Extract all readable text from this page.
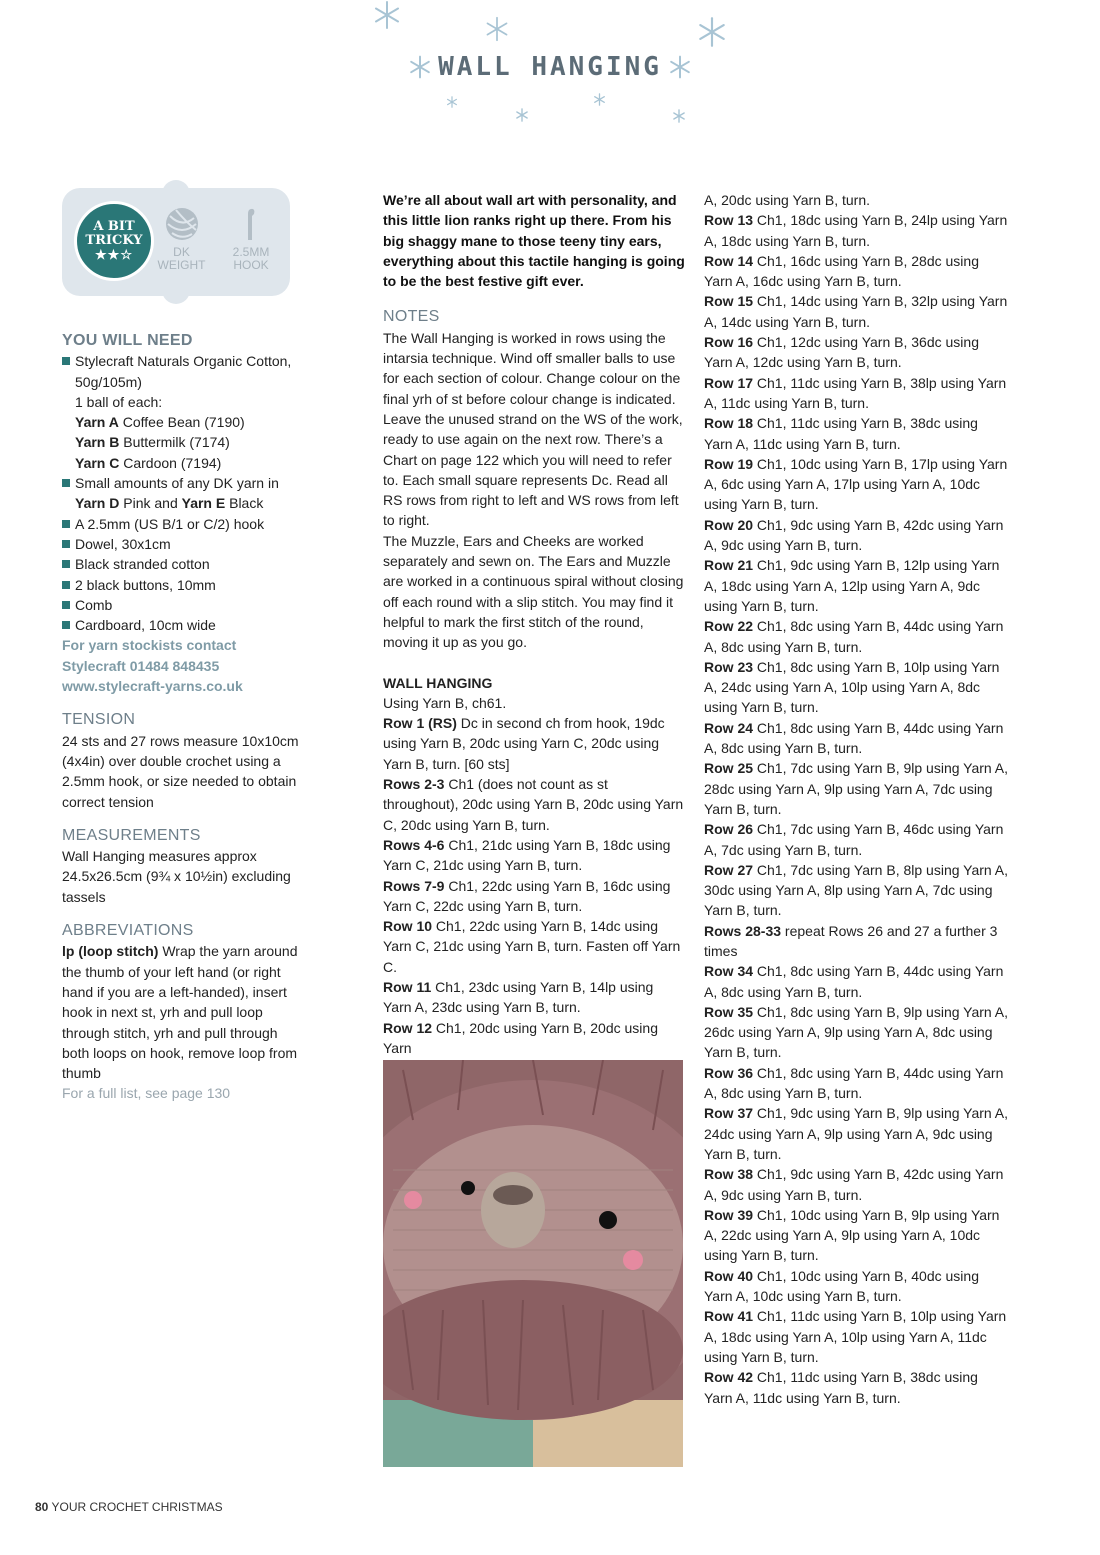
WALL HANGING
A BIT
TRICKY
★★☆	DK
WEIGHT
2.5MM
HOOK
YOU WILL NEED
Stylecraft Naturals Organic Cotton, 50g/105m)
1 ball of each:
Yarn A Coffee Bean (7190)
Yarn B Buttermilk (7174)
Yarn C Cardoon (7194)
Small amounts of any DK yarn in
Yarn D Pink and Yarn E Black
A 2.5mm (US B/1 or C/2) hook
Dowel, 30x1cm
Black stranded cotton
2 black buttons, 10mm
Comb
Cardboard, 10cm wide
For yarn stockists contact
Stylecraft 01484 848435
www.stylecraft-yarns.co.uk
TENSION
24 sts and 27 rows measure 10x10cm (4x4in) over double crochet using a 2.5mm hook, or size needed to obtain correct tension
MEASUREMENTS
Wall Hanging measures approx 24.5x26.5cm (9¾ x 10½in) excluding tassels
ABBREVIATIONS
lp (loop stitch) Wrap the yarn around the thumb of your left hand (or right hand if you are a left-handed), insert hook in next st, yrh and pull loop through stitch, yrh and pull through both loops on hook, remove loop from thumb
For a full list, see page 130
We’re all about wall art with personality, and this little lion ranks right up there. From his big shaggy mane to those teeny tiny ears, everything about this tactile hanging is going to be the best festive gift ever.
NOTES
The Wall Hanging is worked in rows using the intarsia technique. Wind off smaller balls to use for each section of colour. Change colour on the final yrh of st before colour change is indicated. Leave the unused strand on the WS of the work, ready to use again on the next row. There’s a Chart on page 122 which you will need to refer to. Each small square represents Dc. Read all RS rows from right to left and WS rows from left to right.
The Muzzle, Ears and Cheeks are worked separately and sewn on. The Ears and Muzzle are worked in a continuous spiral without closing off each round with a slip stitch. You may find it helpful to mark the first stitch of the round, moving it up as you go.
WALL HANGING
Using Yarn B, ch61.
Row 1 (RS) Dc in second ch from hook, 19dc using Yarn B, 20dc using Yarn C, 20dc using Yarn B, turn. [60 sts]
Rows 2-3 Ch1 (does not count as st throughout), 20dc using Yarn B, 20dc using Yarn C, 20dc using Yarn B, turn.
Rows 4-6 Ch1, 21dc using Yarn B, 18dc using Yarn C, 21dc using Yarn B, turn.
Rows 7-9 Ch1, 22dc using Yarn B, 16dc using Yarn C, 22dc using Yarn B, turn.
Row 10 Ch1, 22dc using Yarn B, 14dc using Yarn C, 21dc using Yarn B, turn. Fasten off Yarn C.
Row 11 Ch1, 23dc using Yarn B, 14lp using Yarn A, 23dc using Yarn B, turn.
Row 12 Ch1, 20dc using Yarn B, 20dc using Yarn
A, 20dc using Yarn B, turn.
Row 13 Ch1, 18dc using Yarn B, 24lp using Yarn A, 18dc using Yarn B, turn.
Row 14 Ch1, 16dc using Yarn B, 28dc using Yarn A, 16dc using Yarn B, turn.
Row 15 Ch1, 14dc using Yarn B, 32lp using Yarn A, 14dc using Yarn B, turn.
Row 16 Ch1, 12dc using Yarn B, 36dc using Yarn A, 12dc using Yarn B, turn.
Row 17 Ch1, 11dc using Yarn B, 38lp using Yarn A, 11dc using Yarn B, turn.
Row 18 Ch1, 11dc using Yarn B, 38dc using Yarn A, 11dc using Yarn B, turn.
Row 19 Ch1, 10dc using Yarn B, 17lp using Yarn A, 6dc using Yarn A, 17lp using Yarn A, 10dc using Yarn B, turn.
Row 20 Ch1, 9dc using Yarn B, 42dc using Yarn A, 9dc using Yarn B, turn.
Row 21 Ch1, 9dc using Yarn B, 12lp using Yarn A, 18dc using Yarn A, 12lp using Yarn A, 9dc using Yarn B, turn.
Row 22 Ch1, 8dc using Yarn B, 44dc using Yarn A, 8dc using Yarn B, turn.
Row 23 Ch1, 8dc using Yarn B, 10lp using Yarn A, 24dc using Yarn A, 10lp using Yarn A, 8dc using Yarn B, turn.
Row 24 Ch1, 8dc using Yarn B, 44dc using Yarn A, 8dc using Yarn B, turn.
Row 25 Ch1, 7dc using Yarn B, 9lp using Yarn A, 28dc using Yarn A, 9lp using Yarn A, 7dc using Yarn B, turn.
Row 26 Ch1, 7dc using Yarn B, 46dc using Yarn A, 7dc using Yarn B, turn.
Row 27 Ch1, 7dc using Yarn B, 8lp using Yarn A, 30dc using Yarn A, 8lp using Yarn A, 7dc using Yarn B, turn.
Rows 28-33 repeat Rows 26 and 27 a further 3 times
Row 34 Ch1, 8dc using Yarn B, 44dc using Yarn A, 8dc using Yarn B, turn.
Row 35 Ch1, 8dc using Yarn B, 9lp using Yarn A, 26dc using Yarn A, 9lp using Yarn A, 8dc using Yarn B, turn.
Row 36 Ch1, 8dc using Yarn B, 44dc using Yarn A, 8dc using Yarn B, turn.
Row 37 Ch1, 9dc using Yarn B, 9lp using Yarn A, 24dc using Yarn A, 9lp using Yarn A, 9dc using Yarn B, turn.
Row 38 Ch1, 9dc using Yarn B, 42dc using Yarn A, 9dc using Yarn B, turn.
Row 39 Ch1, 10dc using Yarn B, 9lp using Yarn A, 22dc using Yarn A, 9lp using Yarn A, 10dc using Yarn B, turn.
Row 40 Ch1, 10dc using Yarn B, 40dc using Yarn A, 10dc using Yarn B, turn.
Row 41 Ch1, 11dc using Yarn B, 10lp using Yarn A, 18dc using Yarn A, 10lp using Yarn A, 11dc using Yarn B, turn.
Row 42 Ch1, 11dc using Yarn B, 38dc using Yarn A, 11dc using Yarn B, turn.
80 YOUR CROCHET CHRISTMAS
